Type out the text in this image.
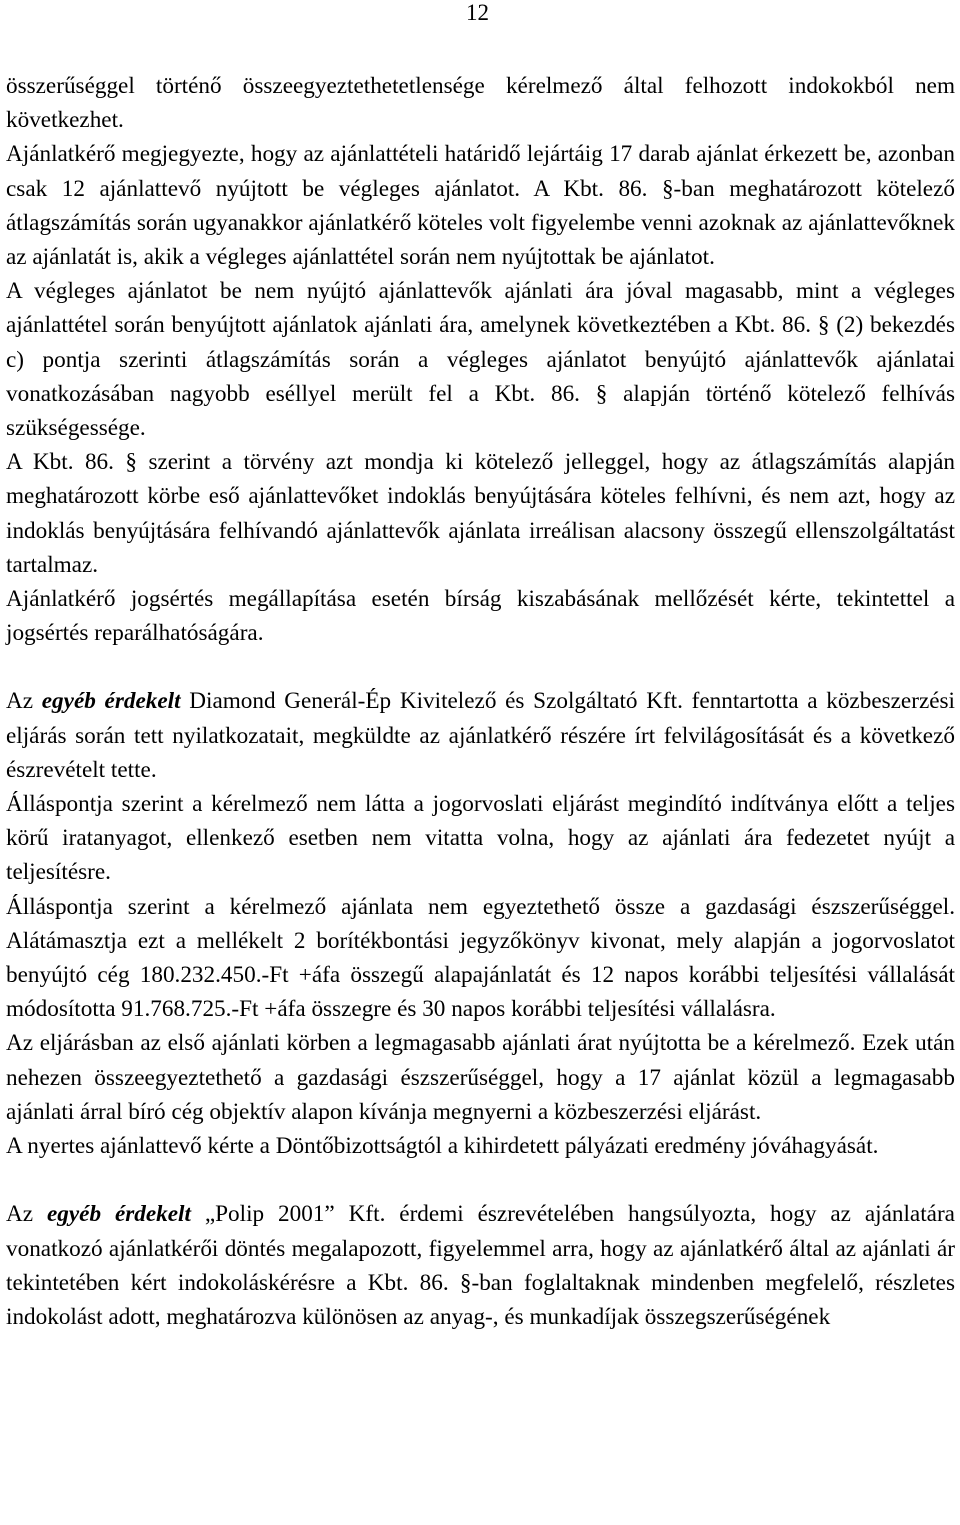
12

összerűséggel történő összeegyeztethetetlensége kérelmező által felhozott indokokból nem következhet.

Ajánlatkérő megjegyezte, hogy az ajánlattételi határidő lejártáig 17 darab ajánlat érkezett be, azonban csak 12 ajánlattevő nyújtott be végleges ajánlatot. A Kbt. 86. §-ban meghatározott kötelező átlagszámítás során ugyanakkor ajánlatkérő köteles volt figyelembe venni azoknak az ajánlattevőknek az ajánlatát is, akik a végleges ajánlattétel során nem nyújtottak be ajánlatot.

A végleges ajánlatot be nem nyújtó ajánlattevők ajánlati ára jóval magasabb, mint a végleges ajánlattétel során benyújtott ajánlatok ajánlati ára, amelynek következtében a Kbt. 86. § (2) bekezdés c) pontja szerinti átlagszámítás során a végleges ajánlatot benyújtó ajánlattevők ajánlatai vonatkozásában nagyobb eséllyel merült fel a Kbt. 86. § alapján történő kötelező felhívás szükségessége.

A Kbt. 86. § szerint a törvény azt mondja ki kötelező jelleggel, hogy az átlagszámítás alapján meghatározott körbe eső ajánlattevőket indoklás benyújtására köteles felhívni, és nem azt, hogy az indoklás benyújtására felhívandó ajánlattevők ajánlata irreálisan alacsony összegű ellenszolgáltatást tartalmaz.

Ajánlatkérő jogsértés megállapítása esetén bírság kiszabásának mellőzését kérte, tekintettel a jogsértés reparálhatóságára.

Az egyéb érdekelt Diamond Generál-Ép Kivitelező és Szolgáltató Kft. fenntartotta a közbeszerzési eljárás során tett nyilatkozatait, megküldte az ajánlatkérő részére írt felvilágosítását és a következő észrevételt tette.

Álláspontja szerint a kérelmező nem látta a jogorvoslati eljárást megindító indítványa előtt a teljes körű iratanyagot, ellenkező esetben nem vitatta volna, hogy az ajánlati ára fedezetet nyújt a teljesítésre.

Álláspontja szerint a kérelmező ajánlata nem egyeztethető össze a gazdasági észszerűséggel. Alátámasztja ezt a mellékelt 2 borítékbontási jegyzőkönyv kivonat, mely alapján a jogorvoslatot benyújtó cég 180.232.450.-Ft +áfa összegű alapajánlatát és 12 napos korábbi teljesítési vállalását módosította 91.768.725.-Ft +áfa összegre és 30 napos korábbi teljesítési vállalásra.

Az eljárásban az első ajánlati körben a legmagasabb ajánlati árat nyújtotta be a kérelmező. Ezek után nehezen összeegyeztethető a gazdasági észszerűséggel, hogy a 17 ajánlat közül a legmagasabb ajánlati árral bíró cég objektív alapon kívánja megnyerni a közbeszerzési eljárást.

A nyertes ajánlattevő kérte a Döntőbizottságtól a kihirdetett pályázati eredmény jóváhagyását.

Az egyéb érdekelt „Polip 2001” Kft. érdemi észrevételében hangsúlyozta, hogy az ajánlatára vonatkozó ajánlatkérői döntés megalapozott, figyelemmel arra, hogy az ajánlatkérő által az ajánlati ár tekintetében kért indokoláskérésre a Kbt. 86. §-ban foglaltaknak mindenben megfelelő, részletes indokolást adott, meghatározva különösen az anyag-, és munkadíjak összegszerűségének
